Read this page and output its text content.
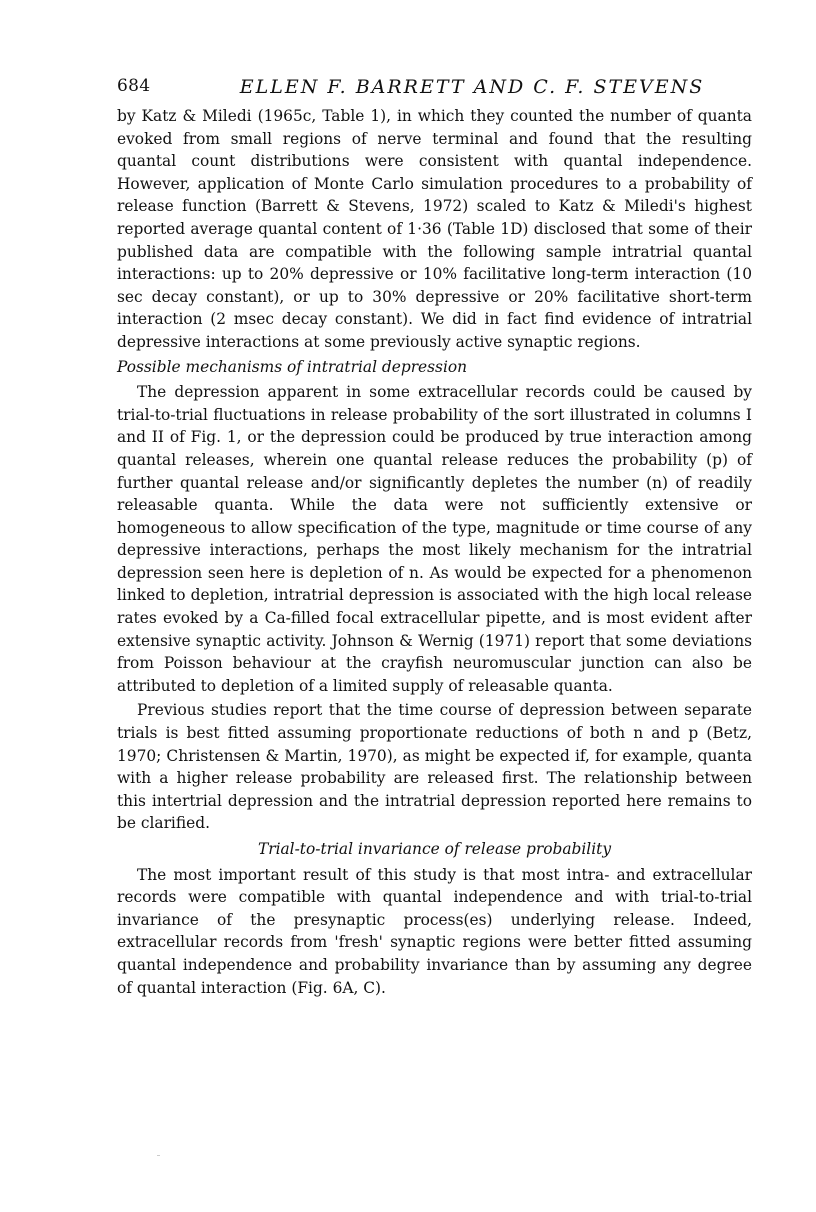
684	ELLEN F. BARRETT AND C. F. STEVENS

by Katz & Miledi (1965c, Table 1), in which they counted the number of quanta evoked from small regions of nerve terminal and found that the resulting quantal count distributions were consistent with quantal independence. However, application of Monte Carlo simulation procedures to a probability of release function (Barrett & Stevens, 1972) scaled to Katz & Miledi's highest reported average quantal content of 1·36 (Table 1D) disclosed that some of their published data are compatible with the following sample intratrial quantal interactions: up to 20% depressive or 10% facilitative long-term interaction (10 sec decay constant), or up to 30% depressive or 20% facilitative short-term interaction (2 msec decay constant). We did in fact find evidence of intratrial depressive interactions at some previously active synaptic regions.

Possible mechanisms of intratrial depression

The depression apparent in some extracellular records could be caused by trial-to-trial fluctuations in release probability of the sort illustrated in columns I and II of Fig. 1, or the depression could be produced by true interaction among quantal releases, wherein one quantal release reduces the probability (p) of further quantal release and/or significantly depletes the number (n) of readily releasable quanta. While the data were not sufficiently extensive or homogeneous to allow specification of the type, magnitude or time course of any depressive interactions, perhaps the most likely mechanism for the intratrial depression seen here is depletion of n. As would be expected for a phenomenon linked to depletion, intratrial depression is associated with the high local release rates evoked by a Ca-filled focal extracellular pipette, and is most evident after extensive synaptic activity. Johnson & Wernig (1971) report that some deviations from Poisson behaviour at the crayfish neuromuscular junction can also be attributed to depletion of a limited supply of releasable quanta.

Previous studies report that the time course of depression between separate trials is best fitted assuming proportionate reductions of both n and p (Betz, 1970; Christensen & Martin, 1970), as might be expected if, for example, quanta with a higher release probability are released first. The relationship between this intertrial depression and the intratrial depression reported here remains to be clarified.

Trial-to-trial invariance of release probability

The most important result of this study is that most intra- and extracellular records were compatible with quantal independence and with trial-to-trial invariance of the presynaptic process(es) underlying release. Indeed, extracellular records from 'fresh' synaptic regions were better fitted assuming quantal independence and probability invariance than by assuming any degree of quantal interaction (Fig. 6A, C).
